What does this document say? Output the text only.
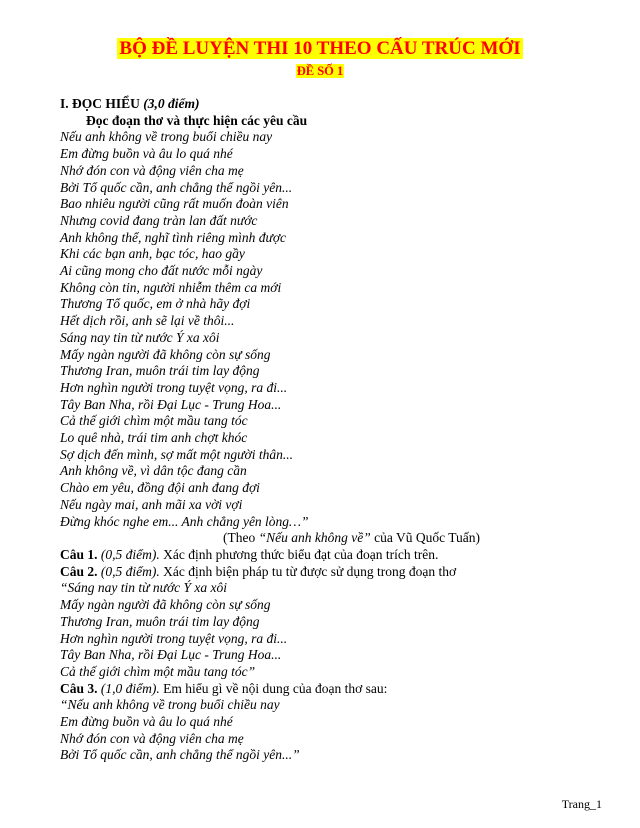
BỘ ĐỀ LUYỆN THI 10 THEO CẤU TRÚC MỚI
ĐỀ SỐ 1
I. ĐỌC HIỂU (3,0 điểm)
Đọc đoạn thơ và thực hiện các yêu cầu
Nếu anh không về trong buổi chiều nay
Em đừng buồn và âu lo quá nhé
Nhớ đón con và động viên cha mẹ
Bởi Tổ quốc cần, anh chẳng thể ngồi yên...
Bao nhiêu người cũng rất muốn đoàn viên
Nhưng covid đang tràn lan đất nước
Anh không thể, nghĩ tình riêng mình được
Khi các bạn anh, bạc tóc, hao gầy
Ai cũng mong cho đất nước mỗi ngày
Không còn tin, người nhiễm thêm ca mới
Thương Tổ quốc, em ở nhà hãy đợi
Hết dịch rồi, anh sẽ lại về thôi...
Sáng nay tin từ nước Ý xa xôi
Mấy ngàn người đã không còn sự sống
Thương Iran, muôn trái tim lay động
Hơn nghìn người trong tuyệt vọng, ra đi...
Tây Ban Nha, rồi Đại Lục - Trung Hoa...
Cả thế giới chìm một mầu tang tóc
Lo quê nhà, trái tim anh chợt khóc
Sợ dịch đến mình, sợ mất một người thân...
Anh không về, vì dân tộc đang cần
Chào em yêu, đồng đội anh đang đợi
Nếu ngày mai, anh mãi xa vời vợi
Đừng khóc nghe em... Anh chẳng yên lòng…”
(Theo “Nếu anh không về” của Vũ Quốc Tuấn)
Câu 1. (0,5 điểm). Xác định phương thức biểu đạt của đoạn trích trên.
Câu 2. (0,5 điểm). Xác định biện pháp tu từ được sử dụng trong đoạn thơ
“Sáng nay tin từ nước Ý xa xôi
Mấy ngàn người đã không còn sự sống
Thương Iran, muôn trái tim lay động
Hơn nghìn người trong tuyệt vọng, ra đi...
Tây Ban Nha, rồi Đại Lục - Trung Hoa...
Cả thế giới chìm một mầu tang tóc”
Câu 3. (1,0 điểm). Em hiểu gì về nội dung của đoạn thơ sau:
“Nếu anh không về trong buổi chiều nay
Em đừng buồn và âu lo quá nhé
Nhớ đón con và động viên cha mẹ
Bởi Tổ quốc cần, anh chẳng thể ngồi yên...”
Trang_1
